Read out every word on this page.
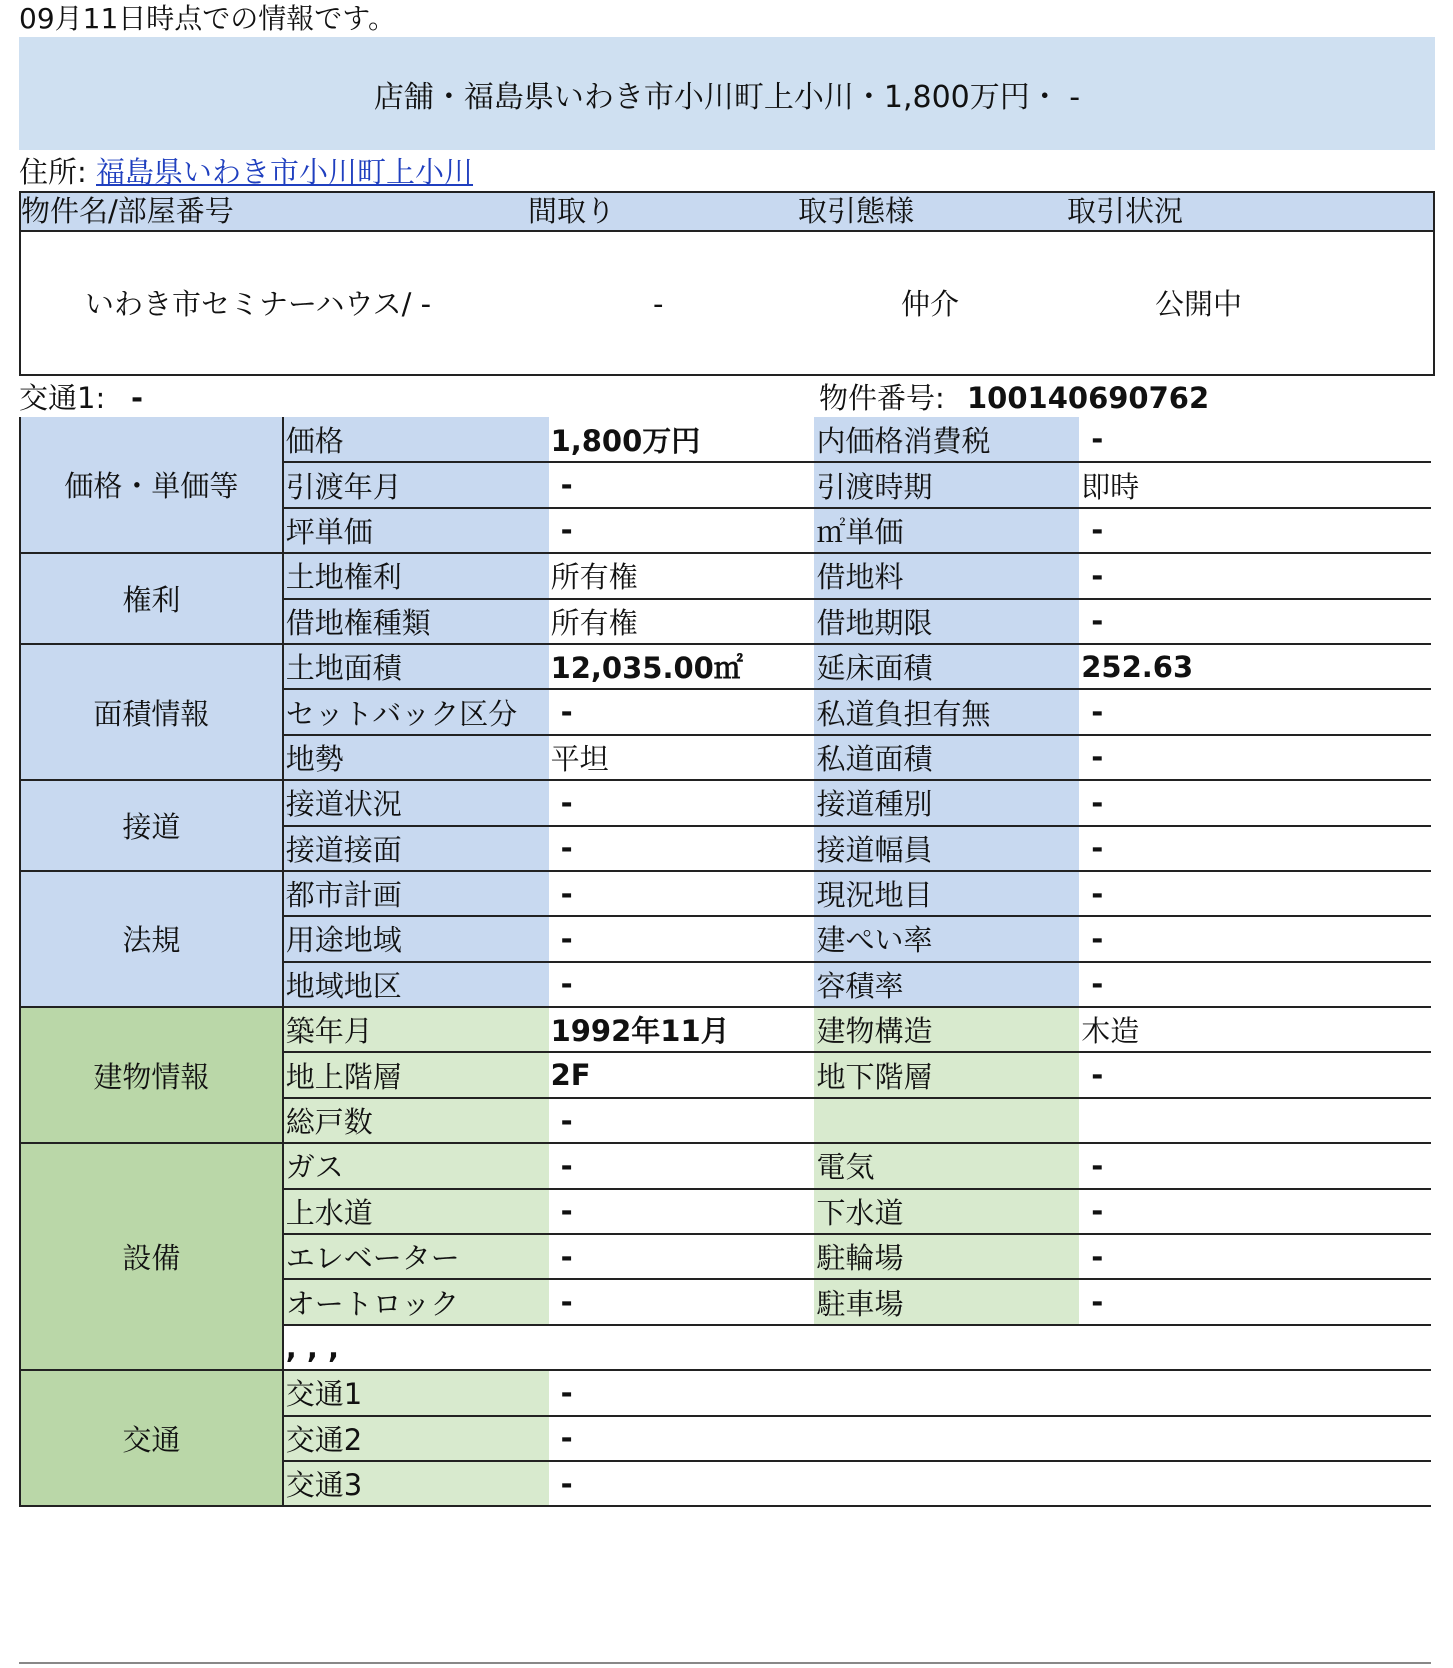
09月11日時点での情報です。
店舗・福島県いわき市小川町上小川・1,800万円・ -
住所: 福島県いわき市小川町上小川
物件名/部屋番号	間取り	取引態様	取引状況
いわき市セミナーハウス/ -	-	仲介	公開中
交通1: -	物件番号: 100140690762
価格・単価等	価格	1,800万円	内価格消費税	-
	引渡年月	-	引渡時期	即時
	坪単価	-	㎡単価	-
権利	土地権利	所有権	借地料	-
	借地権種類	所有権	借地期限	-
面積情報	土地面積	12,035.00㎡	延床面積	252.63
	セットバック区分	-	私道負担有無	-
	地勢	平坦	私道面積	-
接道	接道状況	-	接道種別	-
	接道接面	-	接道幅員	-
法規	都市計画	-	現況地目	-
	用途地域	-	建ぺい率	-
	地域地区	-	容積率	-
建物情報	築年月	1992年11月	建物構造	木造
	地上階層	2F	地下階層	-
	総戸数	-		
設備	ガス	-	電気	-
	上水道	-	下水道	-
	エレベーター	-	駐輪場	-
	オートロック	-	駐車場	-
	, , ,			
交通	交通1	-		
	交通2	-		
	交通3	-		
